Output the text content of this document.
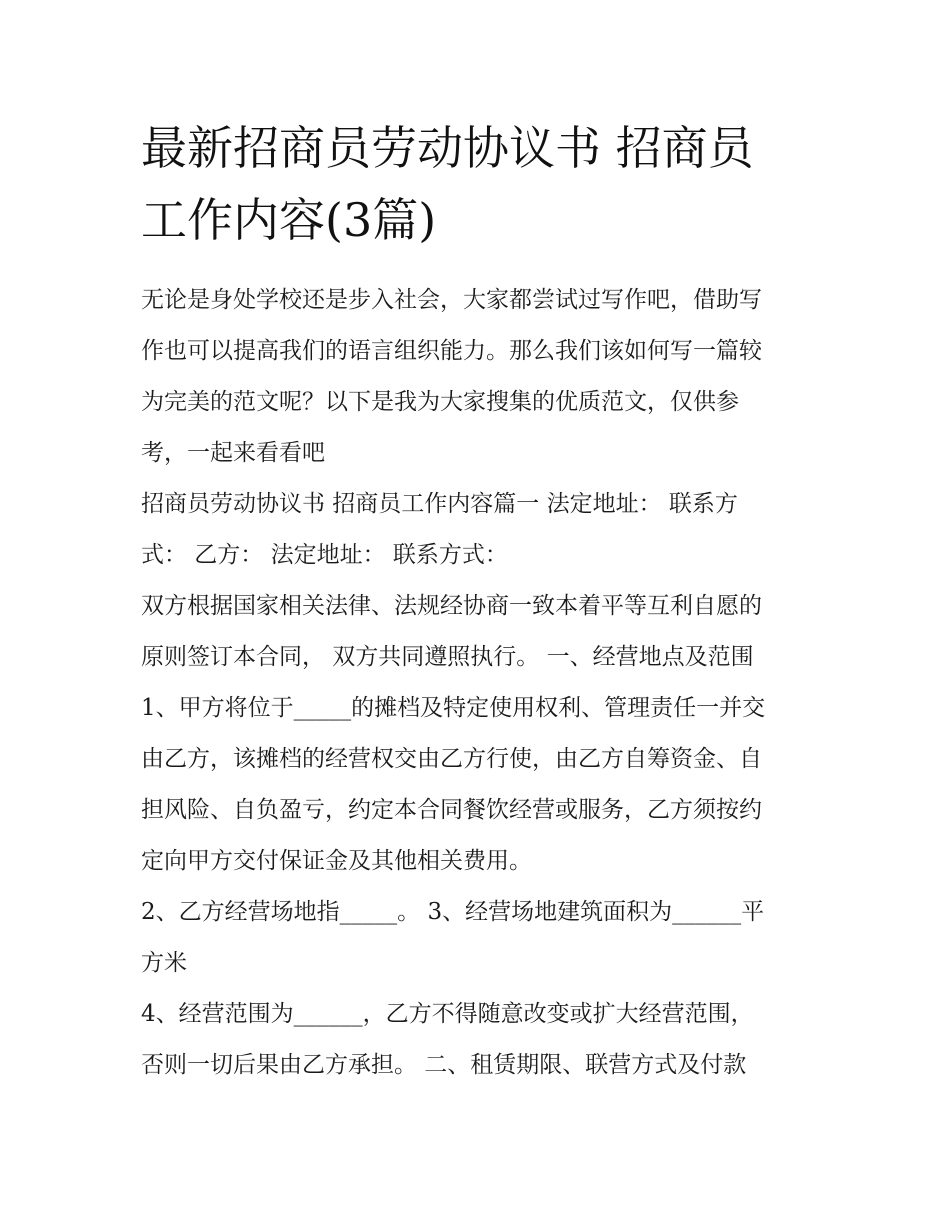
最新招商员劳动协议书 招商员
工作内容(3篇)

无论是身处学校还是步入社会，大家都尝试过写作吧，借助写
作也可以提高我们的语言组织能力。那么我们该如何写一篇较
为完美的范文呢？以下是我为大家搜集的优质范文，仅供参
考，一起来看看吧

招商员劳动协议书 招商员工作内容篇一 法定地址： 联系方
式： 乙方： 法定地址： 联系方式：

双方根据国家相关法律、法规经协商一致本着平等互利自愿的
原则签订本合同， 双方共同遵照执行。 一、经营地点及范围

1、甲方将位于_____的摊档及特定使用权利、管理责任一并交
由乙方，该摊档的经营权交由乙方行使，由乙方自筹资金、自
担风险、自负盈亏，约定本合同餐饮经营或服务，乙方须按约
定向甲方交付保证金及其他相关费用。

2、乙方经营场地指_____。 3、经营场地建筑面积为______平
方米

4、经营范围为______，乙方不得随意改变或扩大经营范围，
否则一切后果由乙方承担。 二、租赁期限、联营方式及付款
